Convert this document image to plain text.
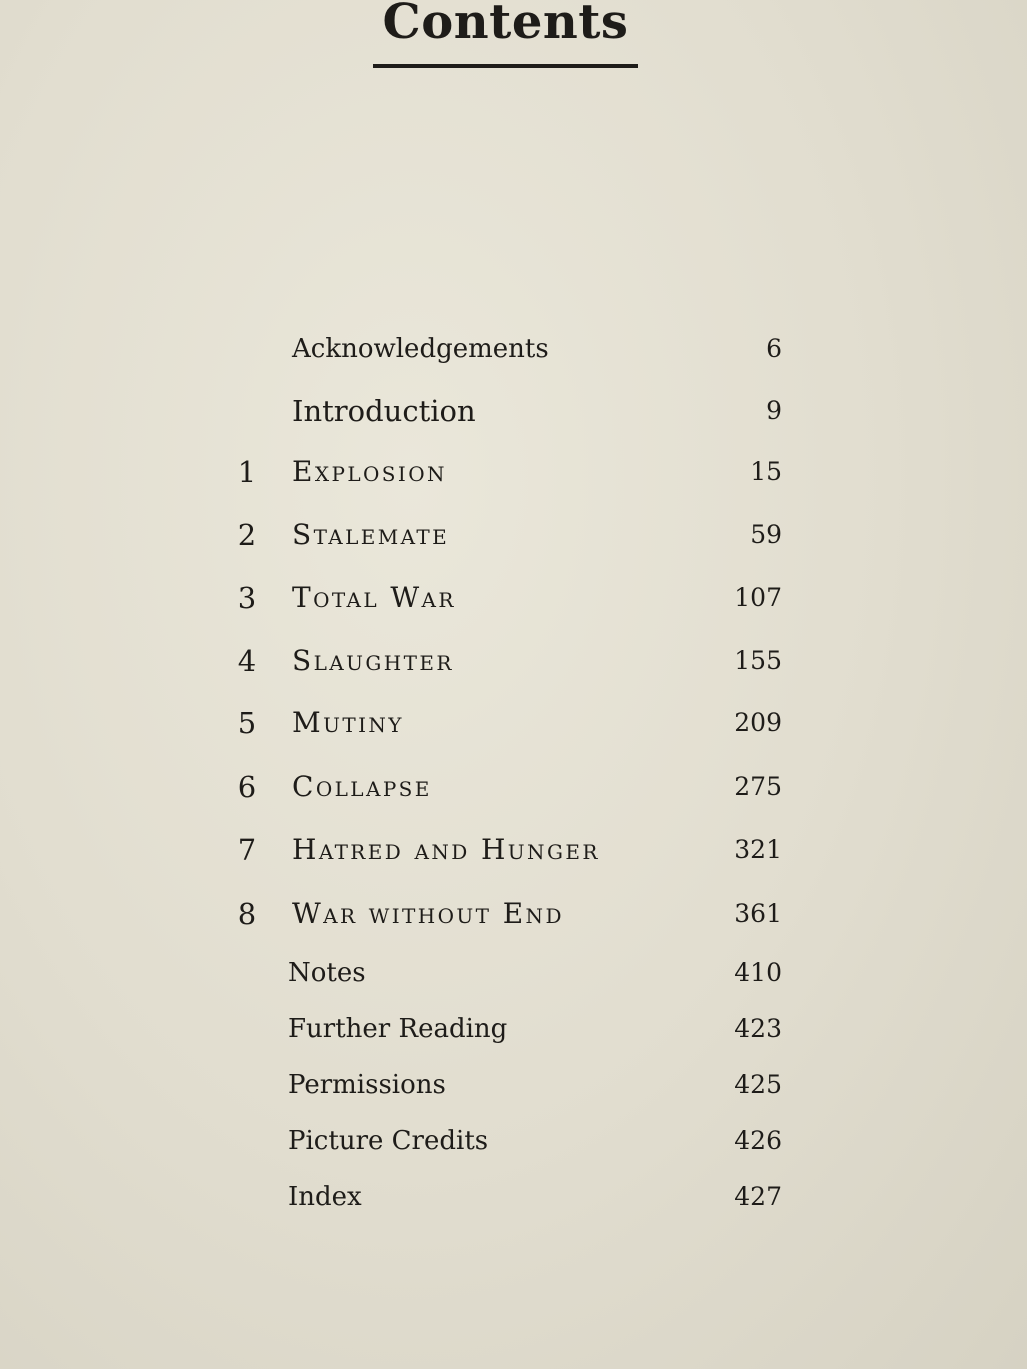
Contents
Acknowledgements	6
Introduction	9
1 Explosion	15
2 Stalemate	59
3 Total War	107
4 Slaughter	155
5 Mutiny	209
6 Collapse	275
7 Hatred and Hunger	321
8 War without End	361
Notes	410
Further Reading	423
Permissions	425
Picture Credits	426
Index	427
